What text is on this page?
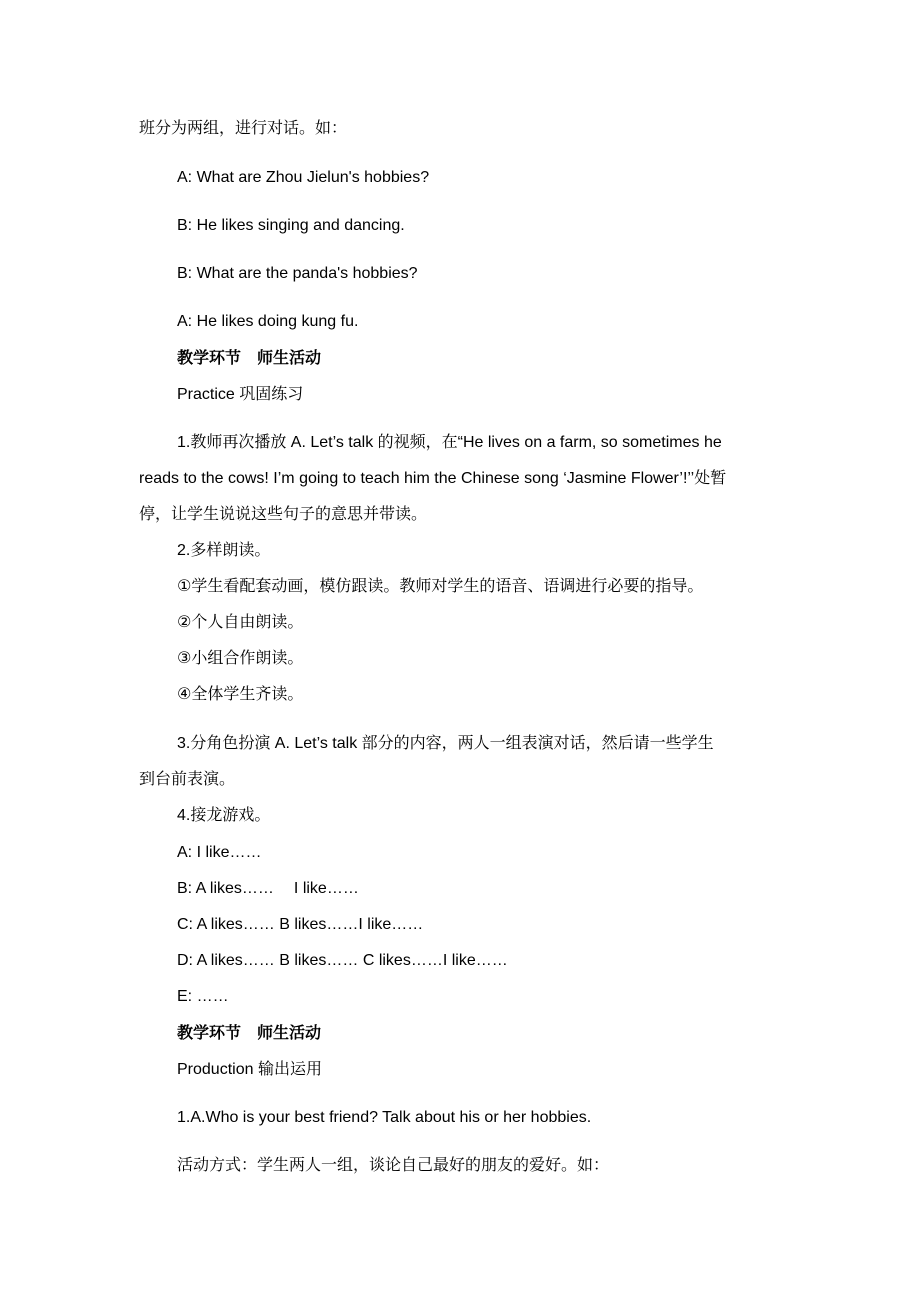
班分为两组，进行对话。如：
A: What are Zhou Jielun's hobbies?
B: He likes singing and dancing.
B: What are the panda's hobbies?
A: He likes doing kung fu.
教学环节 师生活动
Practice 巩固练习
1.教师再次播放 A. Let’s talk 的视频，在“He lives on a farm, so sometimes he
reads to the cows! I’m going to teach him the Chinese song ‘Jasmine Flower’!’’处暂
停，让学生说说这些句子的意思并带读。
2.多样朗读。
①学生看配套动画，模仿跟读。教师对学生的语音、语调进行必要的指导。
②个人自由朗读。
③小组合作朗读。
④全体学生齐读。
3.分角色扮演 A. Let’s talk 部分的内容，两人一组表演对话，然后请一些学生
到台前表演。
4.接龙游戏。
A: I like……
B: A likes…… I like……
C: A likes…… B likes……I like……
D: A likes…… B likes…… C likes……I like……
E: ……
教学环节 师生活动
Production 输出运用
1.A.Who is your best friend? Talk about his or her hobbies.
活动方式：学生两人一组，谈论自己最好的朋友的爱好。如：
